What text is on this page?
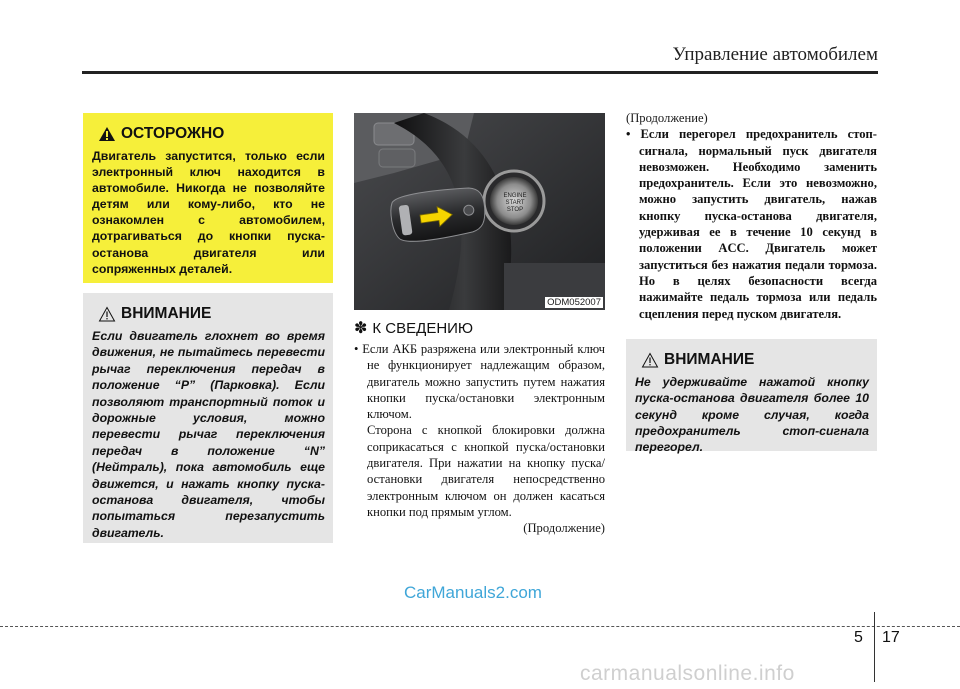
Управление автомобилем
ОСТОРОЖНО
Двигатель запустится, только если электронный ключ находится в автомобиле. Никогда не позволяйте детям или кому-либо, кто не ознакомлен с автомобилем, дотрагиваться до кнопки пуска-останова двигателя или сопряженных деталей.
ВНИМАНИЕ
Если двигатель глохнет во время движения, не пытайтесь перевести рычаг переключения передач в положение “P” (Парковка). Если позволяют транспортный поток и дорожные условия, можно перевести рычаг переключения передач в положение “N” (Нейтраль), пока автомобиль еще движется, и нажать кнопку пуска-останова двигателя, чтобы попытаться перезапустить двигатель.
ENGINE
START
STOP
ODM052007
✽ К СВЕДЕНИЮ
• Если АКБ разряжена или электронный ключ не функционирует надлежащим образом, двигатель можно запустить путем нажатия кнопки пуска/остановки электронным ключом.
Сторона с кнопкой блокировки должна соприкасаться с кнопкой пуска/остановки двигателя. При нажатии на кнопку пуска/остановки двигателя непосредственно электронным ключом он должен касаться кнопки под прямым углом.
(Продолжение)
(Продолжение)
• Если перегорел предохранитель стоп-сигнала, нормальный пуск двигателя невозможен. Необходимо заменить предохранитель. Если это невозможно, можно запустить двигатель, нажав кнопку пуска-останова двигателя, удерживая ее в течение 10 секунд в положении ACC. Двигатель может запуститься без нажатия педали тормоза. Но в целях безопасности всегда нажимайте педаль тормоза или педаль сцепления перед пуском двигателя.
ВНИМАНИЕ
Не удерживайте нажатой кнопку пуска-останова двигателя более 10 секунд кроме случая, когда предохранитель стоп-сигнала перегорел.
CarManuals2.com
5 17
carmanualsonline.info
